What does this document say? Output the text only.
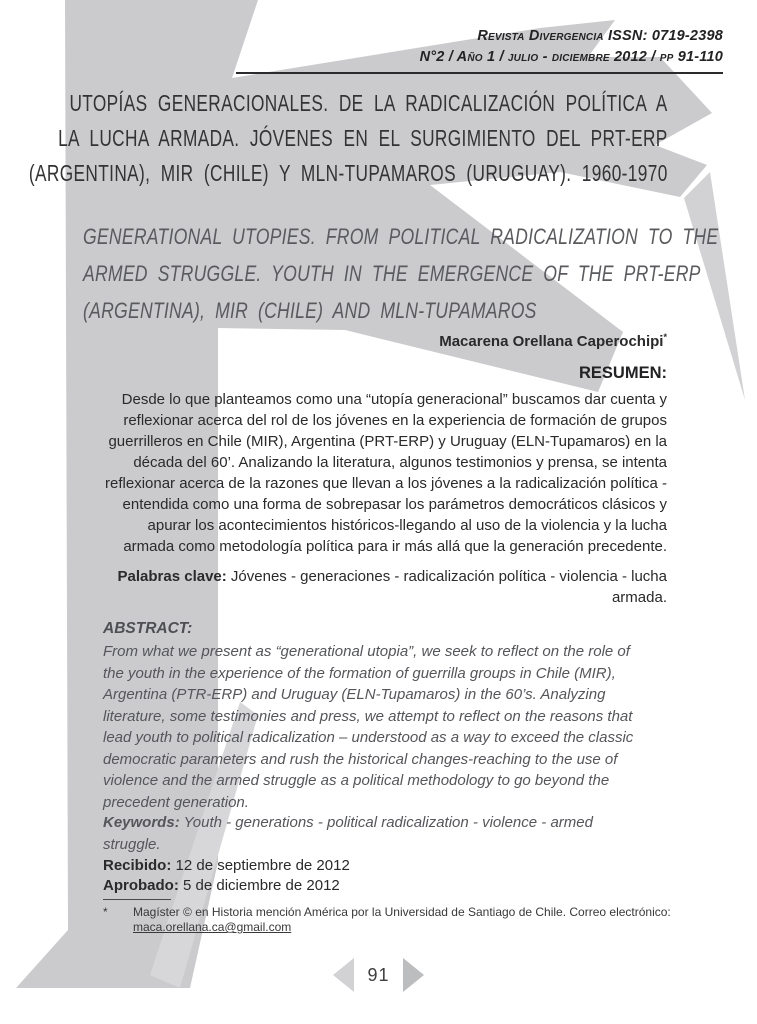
Revista Divergencia ISSN: 0719-2398
N°2 / Año 1 / julio - diciembre 2012 / pp 91-110
UTOPÍAS GENERACIONALES. DE LA RADICALIZACIÓN POLÍTICA A
LA LUCHA ARMADA. JÓVENES EN EL SURGIMIENTO DEL PRT-ERP
(ARGENTINA), MIR (CHILE) Y MLN-TUPAMAROS (URUGUAY). 1960-1970
GENERATIONAL UTOPIES. FROM POLITICAL RADICALIZATION TO THE
ARMED STRUGGLE. YOUTH IN THE EMERGENCE OF THE PRT-ERP
(ARGENTINA), MIR (CHILE) AND MLN-TUPAMAROS
Macarena Orellana Caperochipi*
RESUMEN:
Desde lo que planteamos como una “utopía generacional” buscamos dar cuenta y reflexionar acerca del rol de los jóvenes en la experiencia de formación de grupos guerrilleros en Chile (MIR), Argentina (PRT-ERP) y Uruguay (ELN-Tupamaros) en la década del 60’. Analizando la literatura, algunos testimonios y prensa, se intenta reflexionar acerca de la razones que llevan a los jóvenes a la radicalización política -entendida como una forma de sobrepasar los parámetros democráticos clásicos y apurar los acontecimientos históricos-llegando al uso de la violencia y la lucha armada como metodología política para ir más allá que la generación precedente.
Palabras clave: Jóvenes - generaciones - radicalización política - violencia - lucha armada.
ABSTRACT:
From what we present as “generational utopia”, we seek to reflect on the role of the youth in the experience of the formation of guerrilla groups in Chile (MIR), Argentina (PTR-ERP) and Uruguay (ELN-Tupamaros) in the 60’s. Analyzing literature, some testimonies and press, we attempt to reflect on the reasons that lead youth to political radicalization – understood as a way to exceed the classic democratic parameters and rush the historical changes-reaching to the use of violence and the armed struggle as a political methodology to go beyond the precedent generation.
Keywords: Youth - generations - political radicalization - violence - armed struggle.
Recibido: 12 de septiembre de 2012
Aprobado: 5 de diciembre de 2012
*	Magíster © en Historia mención América por la Universidad de Santiago de Chile. Correo electrónico:
maca.orellana.ca@gmail.com
91
